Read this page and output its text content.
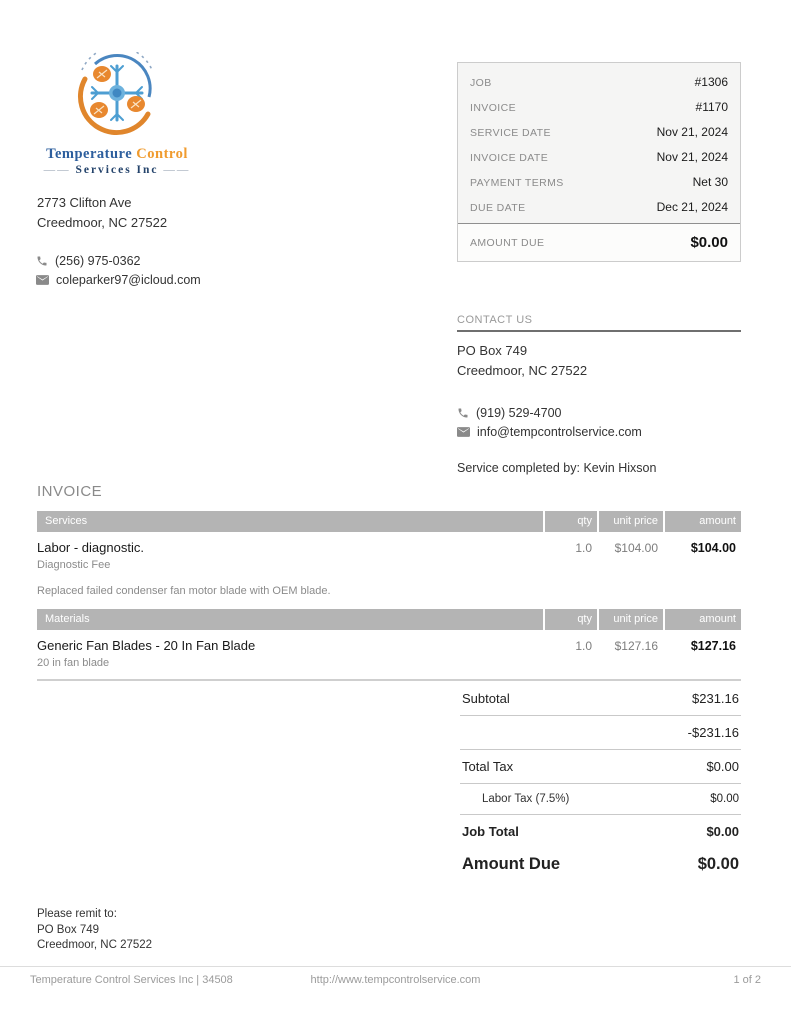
Temperature Control
—— Services Inc ——
2773 Clifton Ave
Creedmoor, NC 27522
(256) 975-0362
coleparker97@icloud.com
JOB	#1306
INVOICE	#1170
SERVICE DATE	Nov 21, 2024
INVOICE DATE	Nov 21, 2024
PAYMENT TERMS	Net 30
DUE DATE	Dec 21, 2024
AMOUNT DUE	$0.00
CONTACT US
PO Box 749
Creedmoor, NC 27522
(919) 529-4700
info@tempcontrolservice.com
Service completed by: Kevin Hixson
INVOICE
Services	qty	unit price	amount
Labor - diagnostic.	1.0	$104.00	$104.00
Diagnostic Fee
Replaced failed condenser fan motor blade with OEM blade.
Materials	qty	unit price	amount
Generic Fan Blades - 20 In Fan Blade	1.0	$127.16	$127.16
20 in fan blade
Subtotal	$231.16
-$231.16
Total Tax	$0.00
Labor Tax (7.5%)	$0.00
Job Total	$0.00
Amount Due	$0.00
Please remit to:
PO Box 749
Creedmoor, NC 27522
http://www.tempcontrolservice.com
Temperature Control Services Inc | 34508	1 of 2
